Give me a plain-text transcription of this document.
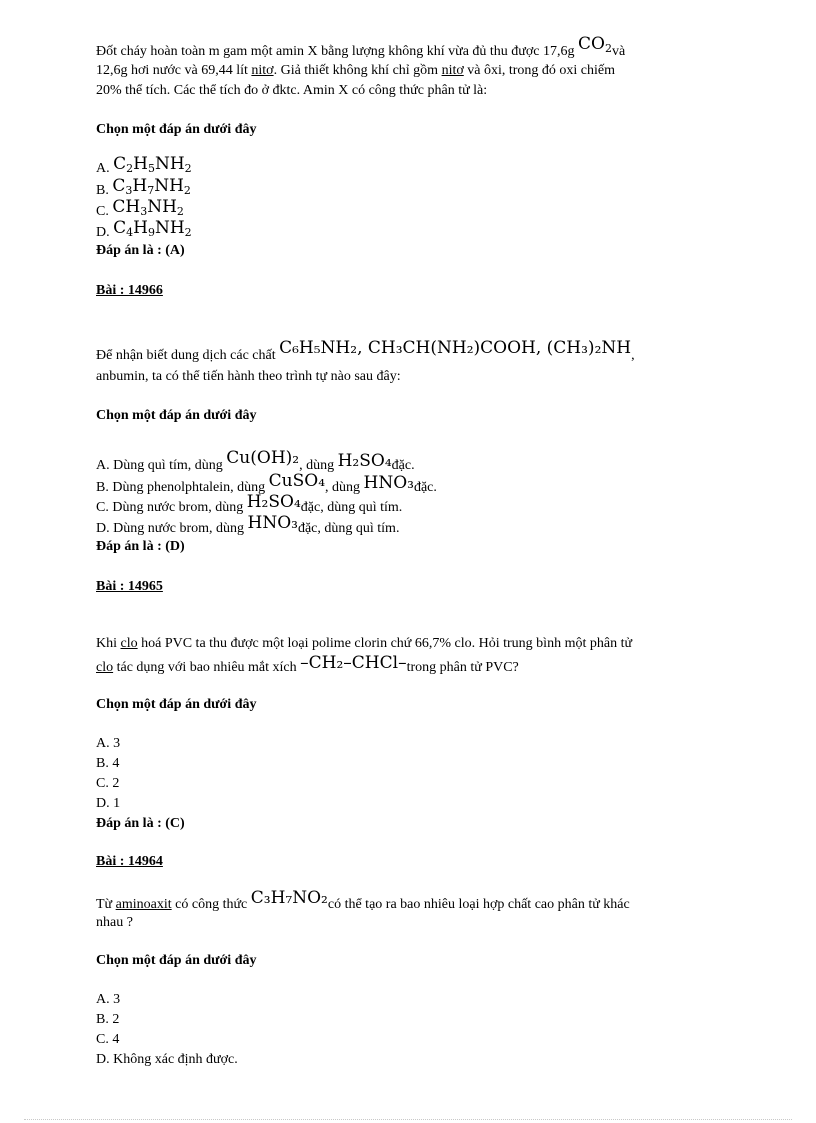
Đốt cháy hoàn toàn m gam một amin X bằng lượng không khí vừa đủ thu được 17,6g $CO_2và$
12,6g hơi nước và 69,44 lít nitơ. Giả thiết không khí chỉ gồm nitơ và ôxi, trong đó oxi chiếm
20% thể tích. Các thể tích đo ở đktc. Amin X có công thức phân tử là:
Chọn một đáp án dưới đây
A. $C_2H_5NH_2$
B. $C_3H_7NH_2$
C. $CH_3NH_2$
D. $C_4H_9NH_2$
Đáp án là : (A)
Bài : 14966
Để nhận biết dung dịch các chất C₆H₅NH₂, CH₃CH(NH₂)COOH, (CH₃)₂NH,
anbumin, ta có thể tiến hành theo trình tự nào sau đây:
Chọn một đáp án dưới đây
A. Dùng quì tím, dùng Cu(OH)₂, dùng H₂SO₄đặc.
B. Dùng phenolphtalein, dùng CuSO₄, dùng HNO₃đặc.
C. Dùng nước brom, dùng H₂SO₄đặc, dùng quì tím.
D. Dùng nước brom, dùng HNO₃đặc, dùng quì tím.
Đáp án là : (D)
Bài : 14965
Khi clo hoá PVC ta thu được một loại polime clorin chứ 66,7% clo. Hỏi trung bình một phân tử
clo tác dụng với bao nhiêu mắt xích –CH₂–CHCl–trong phân tử PVC?
Chọn một đáp án dưới đây
A. 3
B. 4
C. 2
D. 1
Đáp án là : (C)
Bài : 14964
Từ aminoaxit có công thức C₃H₇NO₂có thể tạo ra bao nhiêu loại hợp chất cao phân tử khác
nhau ?
Chọn một đáp án dưới đây
A. 3
B. 2
C. 4
D. Không xác định được.
